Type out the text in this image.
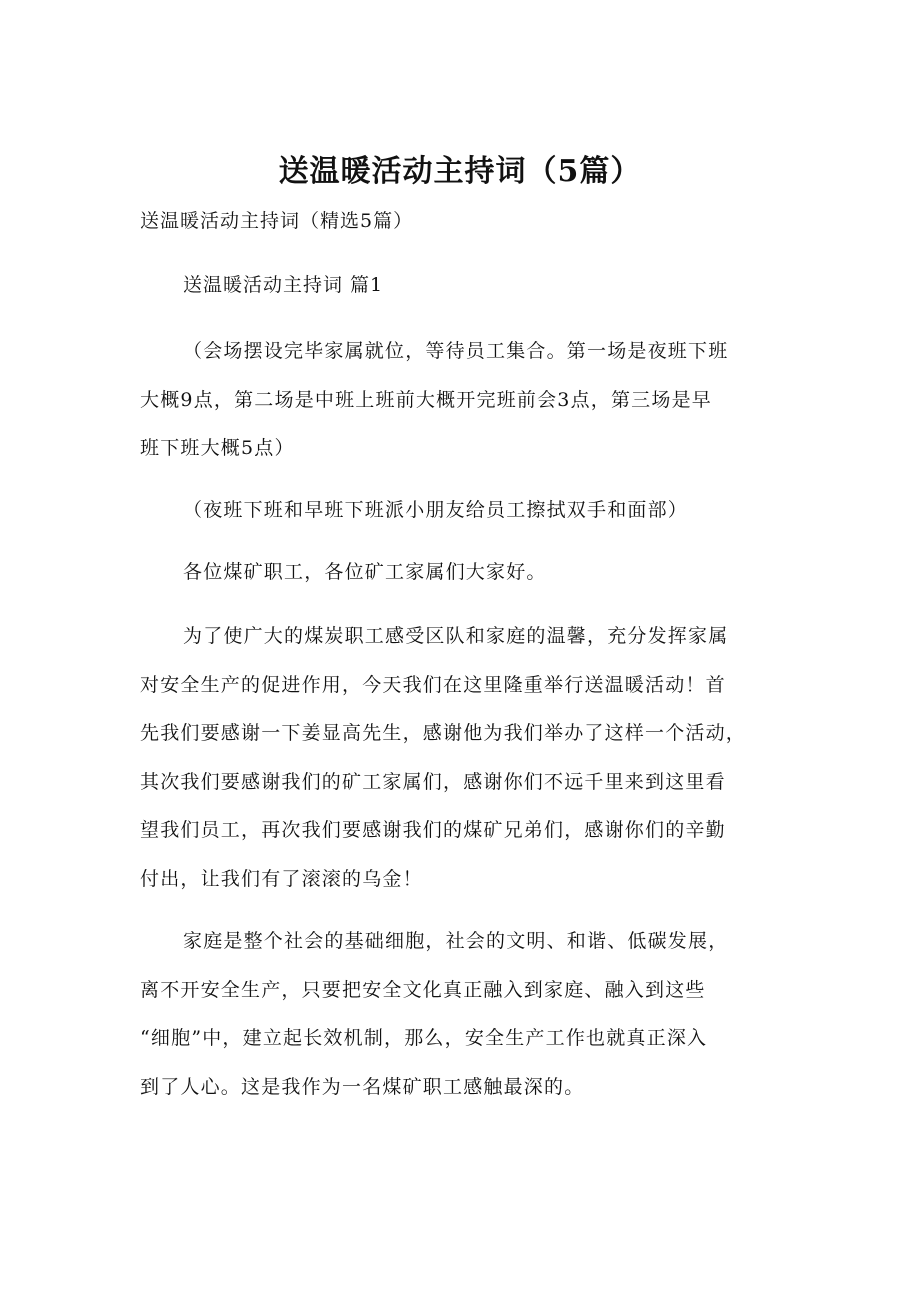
送温暖活动主持词（5篇）

送温暖活动主持词（精选5篇）

送温暖活动主持词 篇1

（会场摆设完毕家属就位，等待员工集合。第一场是夜班下班
大概9点，第二场是中班上班前大概开完班前会3点，第三场是早
班下班大概5点）

（夜班下班和早班下班派小朋友给员工擦拭双手和面部）

各位煤矿职工，各位矿工家属们大家好。

为了使广大的煤炭职工感受区队和家庭的温馨，充分发挥家属
对安全生产的促进作用，今天我们在这里隆重举行送温暖活动！首
先我们要感谢一下姜显高先生，感谢他为我们举办了这样一个活动，
其次我们要感谢我们的矿工家属们，感谢你们不远千里来到这里看
望我们员工，再次我们要感谢我们的煤矿兄弟们，感谢你们的辛勤
付出，让我们有了滚滚的乌金！

家庭是整个社会的基础细胞，社会的文明、和谐、低碳发展，
离不开安全生产，只要把安全文化真正融入到家庭、融入到这些
“细胞”中，建立起长效机制，那么，安全生产工作也就真正深入
到了人心。这是我作为一名煤矿职工感触最深的。
